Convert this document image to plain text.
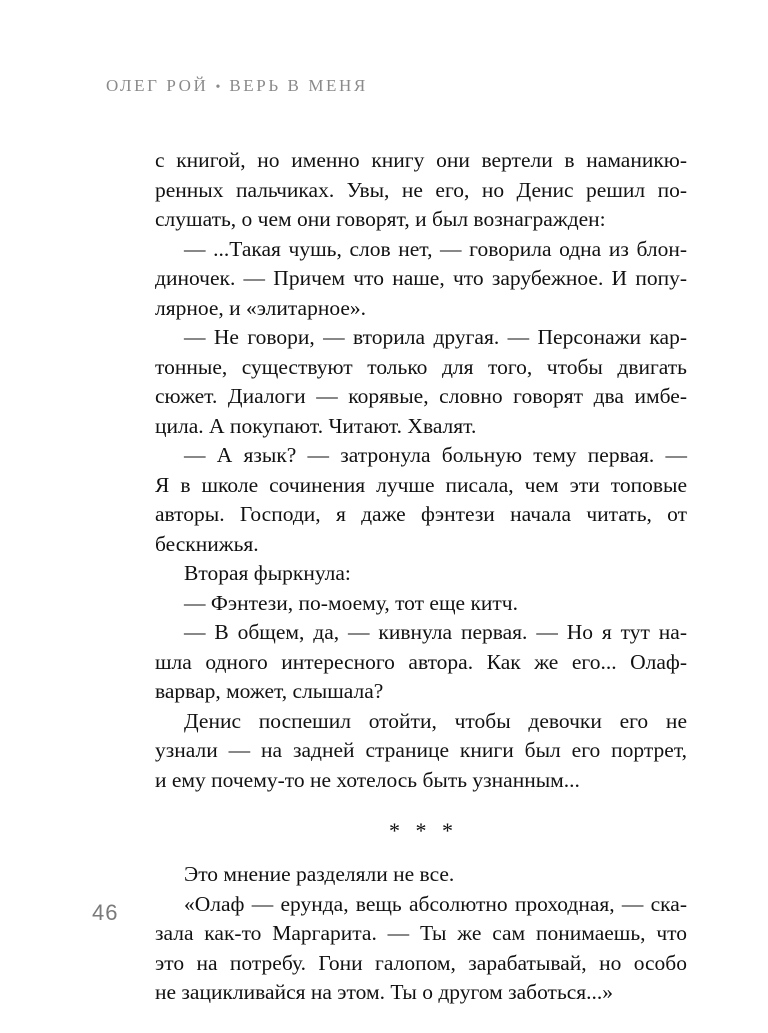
ОЛЕГ РОЙ • ВЕРЬ В МЕНЯ
с книгой, но именно книгу они вертели в наманикю-
ренных пальчиках. Увы, не его, но Денис решил по-
слушать, о чем они говорят, и был вознагражден:
— ...Такая чушь, слов нет, — говорила одна из блон-
диночек. — Причем что наше, что зарубежное. И попу-
лярное, и «элитарное».
— Не говори, — вторила другая. — Персонажи кар-
тонные, существуют только для того, чтобы двигать
сюжет. Диалоги — корявые, словно говорят два имбе-
цила. А покупают. Читают. Хвалят.
— А язык? — затронула больную тему первая. —
Я в школе сочинения лучше писала, чем эти топовые
авторы. Господи, я даже фэнтези начала читать, от
бескнижья.
Вторая фыркнула:
— Фэнтези, по-моему, тот еще китч.
— В общем, да, — кивнула первая. — Но я тут на-
шла одного интересного автора. Как же его... Олаф-
варвар, может, слышала?
Денис поспешил отойти, чтобы девочки его не
узнали — на задней странице книги был его портрет,
и ему почему-то не хотелось быть узнанным...
* * *
Это мнение разделяли не все.
«Олаф — ерунда, вещь абсолютно проходная, — ска-
зала как-то Маргарита. — Ты же сам понимаешь, что
это на потребу. Гони галопом, зарабатывай, но особо
не зацикливайся на этом. Ты о другом заботься...»
46
